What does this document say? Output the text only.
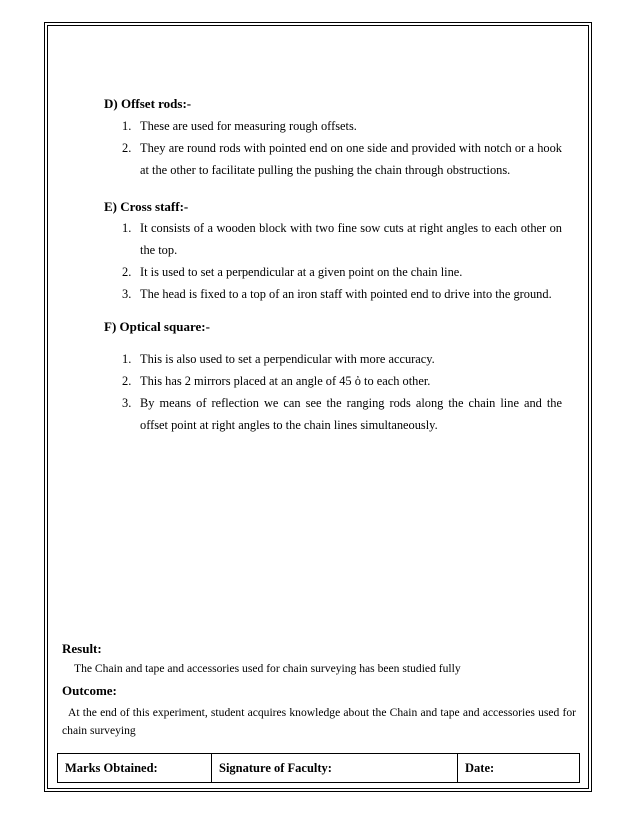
D) Offset rods:-
1. These are used for measuring rough offsets.
2. They are round rods with pointed end on one side and provided with notch or a hook at the other to facilitate pulling the pushing the chain through obstructions.
E) Cross staff:-
1. It consists of a wooden block with two fine sow cuts at right angles to each other on the top.
2. It is used to set a perpendicular at a given point on the chain line.
3. The head is fixed to a top of an iron staff with pointed end to drive into the ground.
F) Optical square:-
1. This is also used to set a perpendicular with more accuracy.
2. This has 2 mirrors placed at an angle of 45 ὀ to each other.
3. By means of reflection we can see the ranging rods along the chain line and the offset point at right angles to the chain lines simultaneously.
Result:
The Chain and tape and accessories used for chain surveying has been studied fully
Outcome:
At the end of this experiment, student acquires knowledge about the Chain and tape and accessories used for chain surveying
Marks Obtained:	Signature of Faculty:	Date:
